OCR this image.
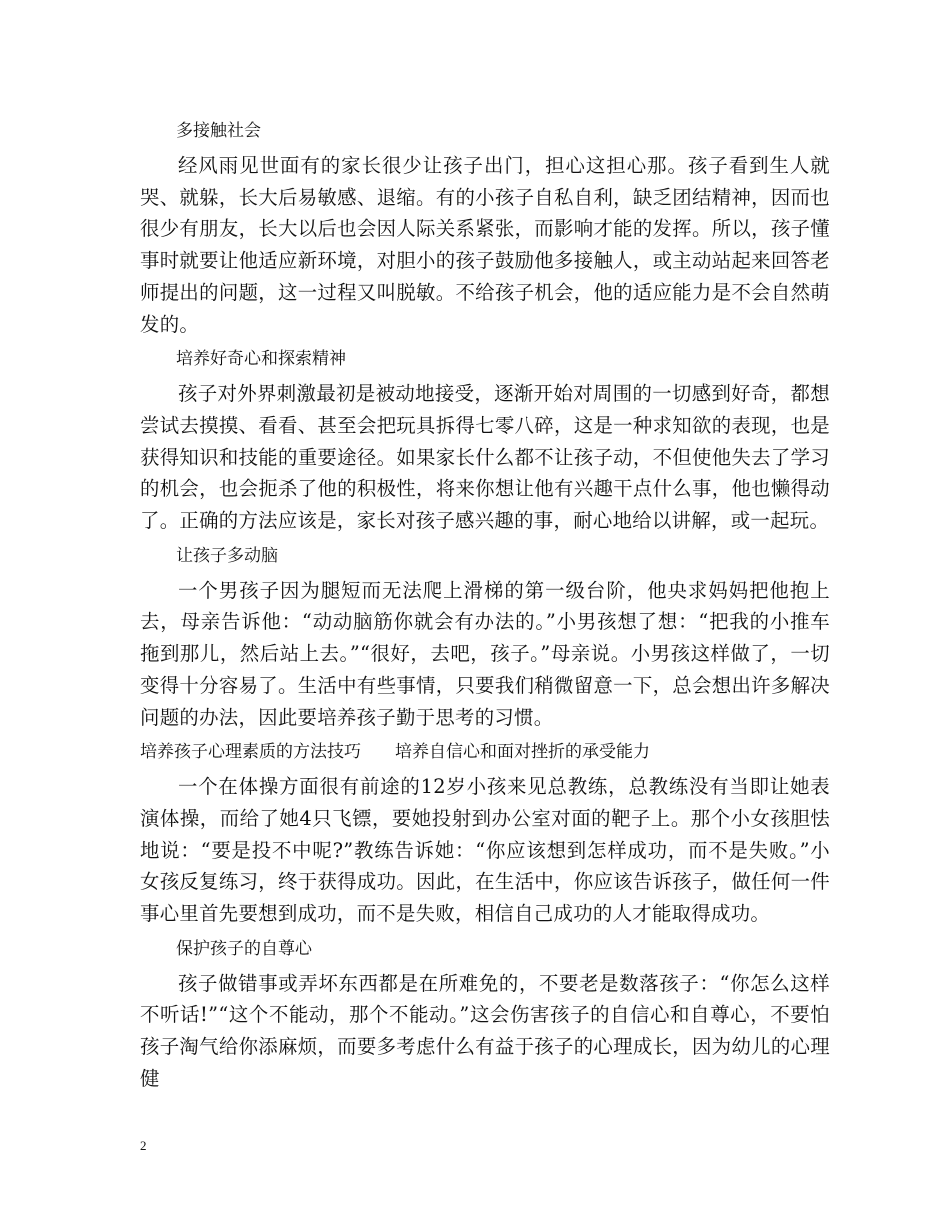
多接触社会

经风雨见世面有的家长很少让孩子出门，担心这担心那。孩子看到生人就哭、就躲，长大后易敏感、退缩。有的小孩子自私自利，缺乏团结精神，因而也很少有朋友，长大以后也会因人际关系紧张，而影响才能的发挥。所以，孩子懂事时就要让他适应新环境，对胆小的孩子鼓励他多接触人，或主动站起来回答老师提出的问题，这一过程又叫脱敏。不给孩子机会，他的适应能力是不会自然萌发的。

培养好奇心和探索精神

孩子对外界刺激最初是被动地接受，逐渐开始对周围的一切感到好奇，都想尝试去摸摸、看看、甚至会把玩具拆得七零八碎，这是一种求知欲的表现，也是获得知识和技能的重要途径。如果家长什么都不让孩子动，不但使他失去了学习的机会，也会扼杀了他的积极性，将来你想让他有兴趣干点什么事，他也懒得动了。正确的方法应该是，家长对孩子感兴趣的事，耐心地给以讲解，或一起玩。

让孩子多动脑

一个男孩子因为腿短而无法爬上滑梯的第一级台阶，他央求妈妈把他抱上去，母亲告诉他：“动动脑筋你就会有办法的。”小男孩想了想：“把我的小推车拖到那儿，然后站上去。”“很好，去吧，孩子。”母亲说。小男孩这样做了，一切变得十分容易了。生活中有些事情，只要我们稍微留意一下，总会想出许多解决问题的办法，因此要培养孩子勤于思考的习惯。

培养孩子心理素质的方法技巧 培养自信心和面对挫折的承受能力

一个在体操方面很有前途的12岁小孩来见总教练，总教练没有当即让她表演体操，而给了她4只飞镖，要她投射到办公室对面的靶子上。那个小女孩胆怯地说：“要是投不中呢?”教练告诉她：“你应该想到怎样成功，而不是失败。”小女孩反复练习，终于获得成功。因此，在生活中，你应该告诉孩子，做任何一件事心里首先要想到成功，而不是失败，相信自己成功的人才能取得成功。

保护孩子的自尊心

孩子做错事或弄坏东西都是在所难免的，不要老是数落孩子：“你怎么这样不听话!”“这个不能动，那个不能动。”这会伤害孩子的自信心和自尊心，不要怕孩子淘气给你添麻烦，而要多考虑什么有益于孩子的心理成长，因为幼儿的心理健

2
